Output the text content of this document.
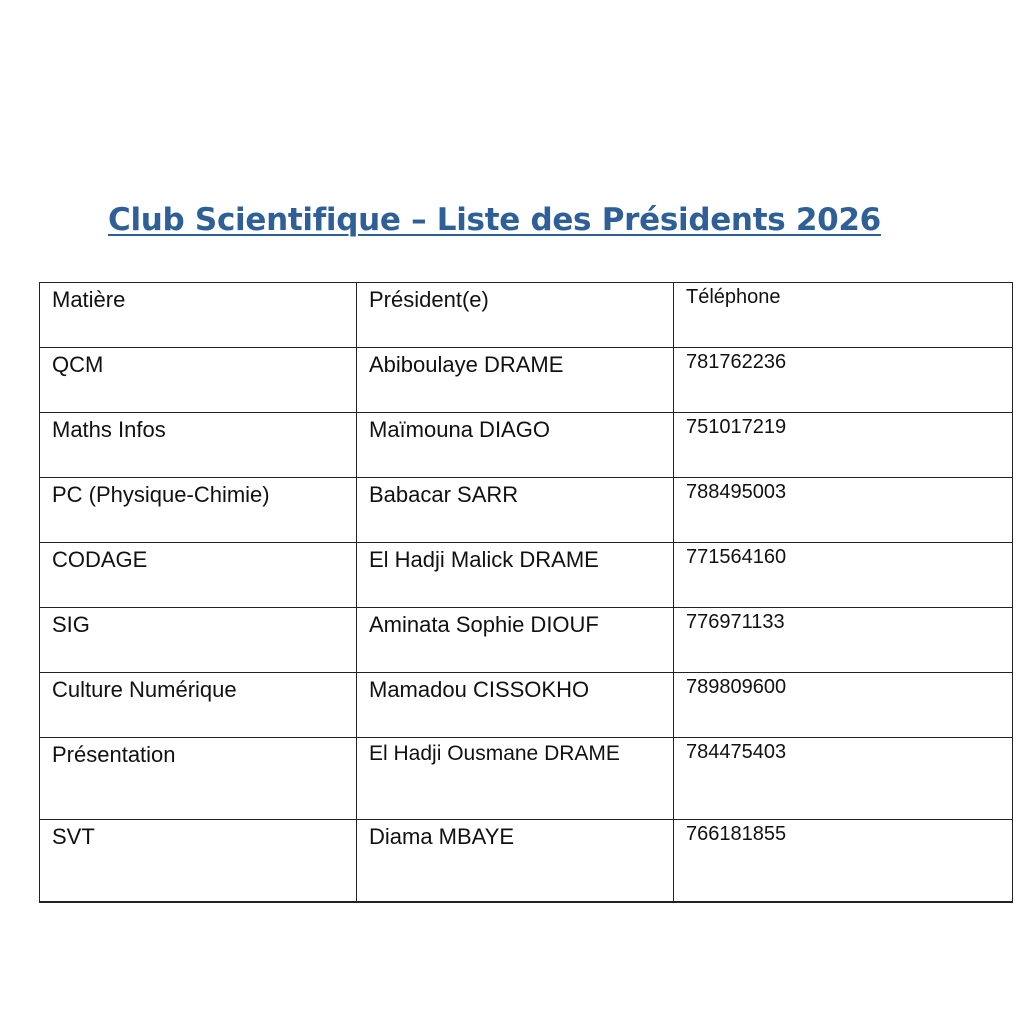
Club Scientifique – Liste des Présidents 2026
Matière	Président(e)	Téléphone
QCM	Abiboulaye DRAME	781762236
Maths Infos	Maïmouna DIAGO	751017219
PC (Physique-Chimie)	Babacar SARR	788495003
CODAGE	El Hadji Malick DRAME	771564160
SIG	Aminata Sophie DIOUF	776971133
Culture Numérique	Mamadou CISSOKHO	789809600
Présentation	El Hadji Ousmane DRAME	784475403
SVT	Diama MBAYE	766181855
